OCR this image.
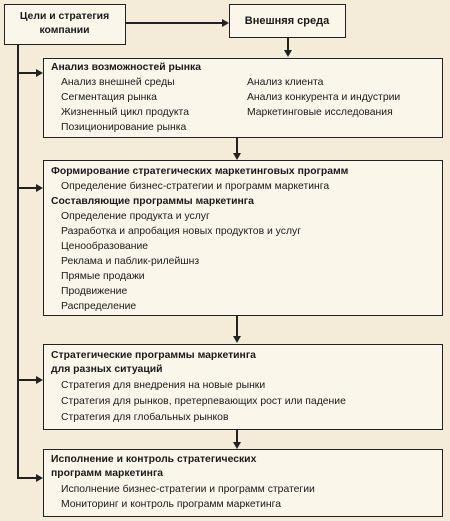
Цели и стратегия
компании
Внешняя среда
Анализ возможностей рынка
Анализ внешней среды
Сегментация рынка
Жизненный цикл продукта
Позиционирование рынка
Анализ клиента
Анализ конкурента и индустрии
Маркетинговые исследования
Формирование стратегических маркетинговых программ
Определение бизнес-стратегии и программ маркетинга
Составляющие программы маркетинга
Определение продукта и услуг
Разработка и апробация новых продуктов и услуг
Ценообразование
Реклама и паблик-рилейшнз
Прямые продажи
Продвижение
Распределение
Стратегические программы маркетинга
для разных ситуаций
Стратегия для внедрения на новые рынки
Стратегия для рынков, претерпевающих рост или падение
Стратегия для глобальных рынков
Исполнение и контроль стратегических
программ маркетинга
Исполнение бизнес-стратегии и программ стратегии
Мониторинг и контроль программ маркетинга
